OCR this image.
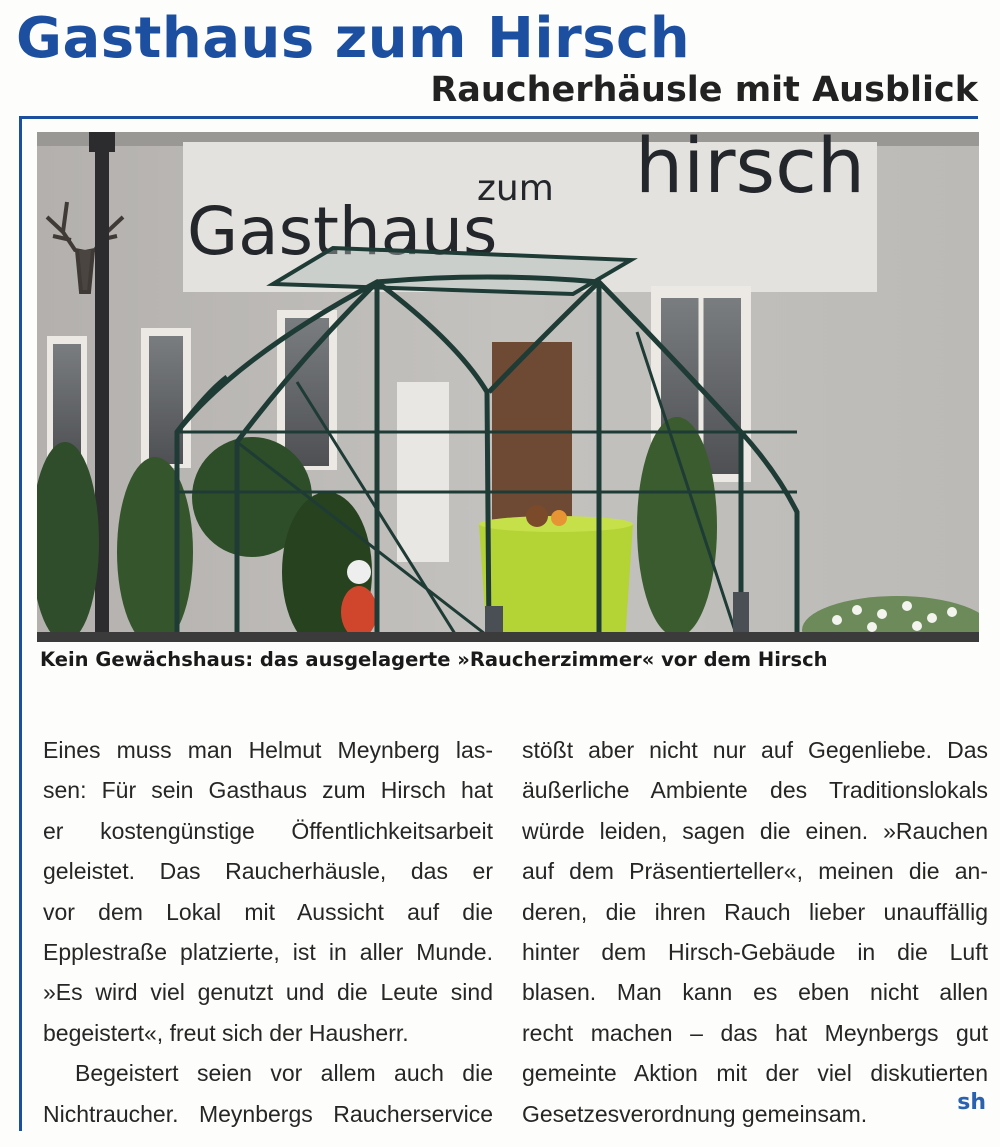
Gasthaus zum Hirsch
Raucherhäusle mit Ausblick
Gasthaus
zum hirsch

Kein Gewächshaus: das ausgelagerte »Raucherzimmer« vor dem Hirsch

Eines muss man Helmut Meynberg las-
sen: Für sein Gasthaus zum Hirsch hat
er kostengünstige Öffentlichkeitsarbeit
geleistet. Das Raucherhäusle, das er
vor dem Lokal mit Aussicht auf die
Epplestraße platzierte, ist in aller Munde.
»Es wird viel genutzt und die Leute sind
begeistert«, freut sich der Hausherr.
Begeistert seien vor allem auch die
Nichtraucher. Meynbergs Raucherservice
stößt aber nicht nur auf Gegenliebe. Das
äußerliche Ambiente des Traditionslokals
würde leiden, sagen die einen. »Rauchen
auf dem Präsentierteller«, meinen die an-
deren, die ihren Rauch lieber unauffällig
hinter dem Hirsch-Gebäude in die Luft
blasen. Man kann es eben nicht allen
recht machen – das hat Meynbergs gut
gemeinte Aktion mit der viel diskutierten
Gesetzesverordnung gemeinsam.	sh
